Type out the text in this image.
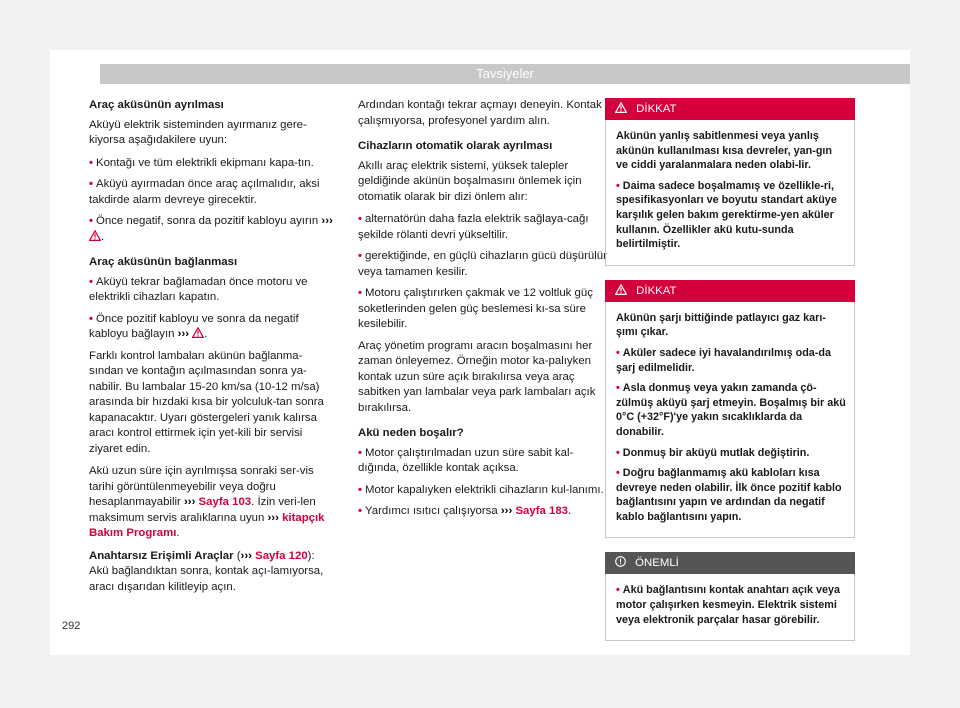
Tavsiyeler
Araç aküsünün ayrılması

Aküyü elektrik sisteminden ayırmanız gere-kiyorsa aşağıdakilere uyun:

• Kontağı ve tüm elektrikli ekipmanı kapa-tın.
• Aküyü ayırmadan önce araç açılmalıdır, aksi takdirde alarm devreye girecektir.
• Önce negatif, sonra da pozitif kabloyu ayırın ››› .
Araç aküsünün bağlanması
• Aküyü tekrar bağlamadan önce motoru ve elektrikli cihazları kapatın.
• Önce pozitif kabloyu ve sonra da negatif kabloyu bağlayın ››› .

Farklı kontrol lambaları akünün bağlanma-sından ve kontağın açılmasından sonra ya-nabilir. Bu lambalar 15-20 km/sa (10-12 m/sa) arasında bir hızdaki kısa bir yolculuk-tan sonra kapanacaktır. Uyarı göstergeleri yanık kalırsa aracı kontrol ettirmek için yet-kili bir servisi ziyaret edin.

Akü uzun süre için ayrılmışsa sonraki ser-vis tarihi görüntülenmeyebilir veya doğru hesaplanmayabilir ››› Sayfa 103. İzin veri-len maksimum servis aralıklarına uyun ››› kitapçık Bakım Programı.

Anahtarsız Erişimli Araçlar (››› Sayfa 120): Akü bağlandıktan sonra, kontak açı-lamıyorsa, aracı dışarıdan kilitleyip açın.

Ardından kontağı tekrar açmayı deneyin. Kontak çalışmıyorsa, profesyonel yardım alın.

Cihazların otomatik olarak ayrılması

Akıllı araç elektrik sistemi, yüksek talepler geldiğinde akünün boşalmasını önlemek için otomatik olarak bir dizi önlem alır:

• alternatörün daha fazla elektrik sağlaya-cağı şekilde rölanti devri yükseltilir.
• gerektiğinde, en güçlü cihazların gücü düşürülür veya tamamen kesilir.
• Motoru çalıştırırken çakmak ve 12 voltluk güç soketlerinden gelen güç beslemesi kı-sa süre kesilebilir.

Araç yönetim programı aracın boşalmasını her zaman önleyemez. Örneğin motor ka-palıyken kontak uzun süre açık bırakılırsa veya araç sabitken yan lambalar veya park lambaları açık bırakılırsa.

Akü neden boşalır?
• Motor çalıştırılmadan uzun süre sabit kal-dığında, özellikle kontak açıksa.
• Motor kapalıyken elektrikli cihazların kul-lanımı.
• Yardımcı ısıtıcı çalışıyorsa ››› Sayfa 183.
DİKKAT

Akünün yanlış sabitlenmesi veya yanlış akünün kullanılması kısa devreler, yan-gın ve ciddi yaralanmalara neden olabi-lir.

• Daima sadece boşalmamış ve özellikle-ri, spesifikasyonları ve boyutu standart aküye karşılık gelen bakım gerektirme-yen aküler kullanın. Özellikler akü kutu-sunda belirtilmiştir.

DİKKAT

Akünün şarjı bittiğinde patlayıcı gaz karı-şımı çıkar.

• Aküler sadece iyi havalandırılmış oda-da şarj edilmelidir.

• Asla donmuş veya yakın zamanda çö-zülmüş aküyü şarj etmeyin. Boşalmış bir akü 0°C (+32°F)'ye yakın sıcaklıklarda da donabilir.

• Donmuş bir aküyü mutlak değiştirin.

• Doğru bağlanmamış akü kabloları kısa devreye neden olabilir. İlk önce pozitif kablo bağlantısını yapın ve ardından da negatif kablo bağlantısını yapın.

ÖNEMLİ

• Akü bağlantısını kontak anahtarı açık veya motor çalışırken kesmeyin. Elektrik sistemi veya elektronik parçalar hasar görebilir.

292
